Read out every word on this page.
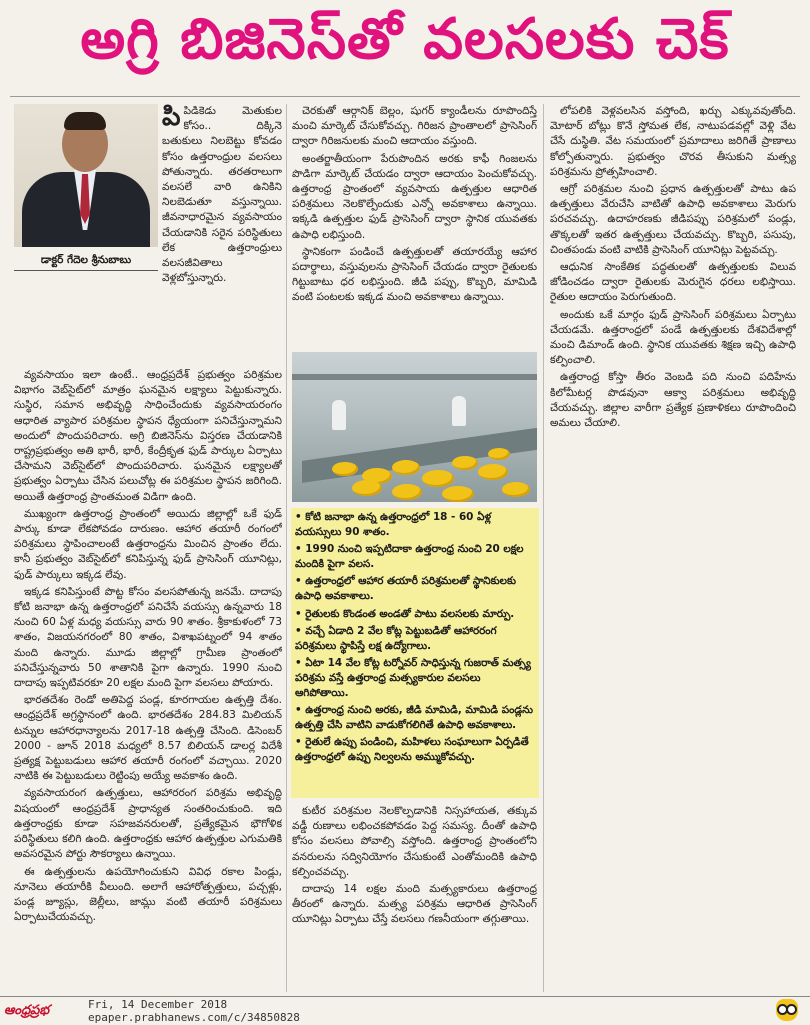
అగ్రి బిజినెస్‌తో వలసలకు చెక్
డాక్టర్ గేదెల శ్రీనుబాబు
పిపిడికెడు మెతుకుల కోసం.. దిక్కినె బతుకులు నిలబెట్టు కోవడం కోసం ఉత్తరాంధ్రుల వలసలు పోతున్నారు. తరతరాలుగా వలసలే వారి ఉనికిని నిలబెడుతూ వస్తున్నాయి. జీవనాధారమైన వ్యవసాయం చేయడానికి సరైన పరిస్థితులు లేక ఉత్తరాంధ్రులు వలసజీవితాలు వెళ్లబోస్తున్నారు.

వ్యవసాయం ఇలా ఉంటే.. ఆంధ్రప్రదేశ్ ప్రభుత్వం పరిశ్రమల విభాగం వెబ్‌సైట్‌లో మాత్రం ఘనమైన లక్ష్యాలు పెట్టుకున్నారు. సుస్థిర, సమాన అభివృద్ధి సాధించేందుకు వ్యవసాయరంగం ఆధారిత వ్యాపార పరిశ్రమల స్థాపన ధ్యేయంగా పనిచేస్తున్నామని అందులో పొందుపరిచారు. అగ్రి బిజినెస్‌ను విస్తరణ చేయడానికి రాష్ట్రప్రభుత్వం అతి భారీ, భారీ, కేంద్రీకృత ఫుడ్ పార్కుల ఏర్పాటు చేసామని వెబ్‌సైట్‌లో పొందుపరిచారు. ఘనమైన లక్ష్యాలతో ప్రభుత్వం ఏర్పాటు చేసిన పలుచోట్ల ఈ పరిశ్రమల స్థాపన జరిగింది. అయితే ఉత్తరాంధ్ర ప్రాంతమంత విడిగా ఉంది.

ముఖ్యంగా ఉత్తరాంధ్ర ప్రాంతంలో అయిదు జిల్లాల్లో ఒకే ఫుడ్ పార్కు కూడా లేకపోవడం దారుణం. ఆహార తయారీ రంగంలో పరిశ్రమలు స్థాపించాలంటే ఉత్తరాంధ్రను మించిన ప్రాంతం లేదు. కానీ ప్రభుత్వం వెబ్‌సైట్‌లో కనిపిస్తున్న ఫుడ్ ప్రాసెసింగ్ యూనిట్లు, ఫుడ్ పార్కులు ఇక్కడ లేవు.

ఇక్కడ కనిపిస్తుంటే పొట్ట కోసం వలసపోతున్న జనమే. దాదాపు కోటి జనాభా ఉన్న ఉత్తరాంధ్రలో పనిచేసే వయస్సు ఉన్నవారు 18 నుంచి 60 ఏళ్ల మధ్య వయస్సు వారు 90 శాతం. శ్రీకాకుళంలో 73 శాతం, విజయనగరంలో 80 శాతం, విశాఖపట్నంలో 94 శాతం మంది ఉన్నారు. మూడు జిల్లాల్లో గ్రామీణ ప్రాంతంలో పనిచేస్తున్నవారు 50 శాతానికి పైగా ఉన్నారు. 1990 నుంచి దాదాపు ఇప్పటివరకూ 20 లక్షల మంది పైగా వలసలు పోయారు.

భారతదేశం రెండో అతిపెద్ద పండ్ల, కూరగాయల ఉత్పత్తి దేశం. ఆంధ్రప్రదేశ్ అగ్రస్థానంలో ఉంది. భారతదేశం 284.83 మిలియన్ టన్నుల ఆహారధాన్యాలను 2017-18 ఉత్పత్తి చేసింది. డిసెంబర్ 2000 - జూన్ 2018 మధ్యలో 8.57 బిలియన్ డాలర్ల విదేశీ ప్రత్యక్ష పెట్టుబడులు ఆహార తయారీ రంగంలో వచ్చాయి. 2020 నాటికి ఈ పెట్టుబడులు రెట్టింపు అయ్యే అవకాశం ఉంది.

వ్యవసాయరంగ ఉత్పత్తులు, ఆహారరంగ పరిశ్రమ అభివృద్ధి విషయంలో ఆంధ్రప్రదేశ్ ప్రాధాన్యత సంతరించుకుంది. ఇది ఉత్తరాంధ్రకు కూడా సహజవనరులతో, ప్రత్యేకమైన భౌగోళిక పరిస్థితులు కలిగి ఉంది. ఉత్తరాంధ్రకు ఆహార ఉత్పత్తుల ఎగుమతికి అవసరమైన పోర్టు సౌకర్యాలు ఉన్నాయి.

ఈ ఉత్పత్తులను ఉపయోగించుకుని వివిధ రకాల పిండ్లు, నూనెలు తయారీకి వీలుంది. అలాగే ఆహారోత్పత్తులు, పచ్చళ్లు, పండ్ల జ్యూస్లు, జెల్లీలు, జామ్లు వంటి తయారీ పరిశ్రమలు ఏర్పాటుచేయవచ్చు.

చెరకుతో ఆర్గానిక్ బెల్లం, షుగర్ క్యాండీలను రూపొందిస్తే మంచి మార్కెట్ చేసుకోవచ్చు. గిరిజన ప్రాంతాలలో ప్రాసెసింగ్ ద్వారా గిరిజనులకు మంచి ఆదాయం వస్తుంది.

అంతర్జాతీయంగా పేరుపొందిన అరకు కాఫీ గింజలను పొడిగా మార్కెట్ చేయడం ద్వారా ఆదాయం పెంచుకోవచ్చు. ఉత్తరాంధ్ర ప్రాంతంలో వ్యవసాయ ఉత్పత్తుల ఆధారిత పరిశ్రమలు నెలకొల్పేందుకు ఎన్నో అవకాశాలు ఉన్నాయి. ఇక్కడి ఉత్పత్తుల ఫుడ్ ప్రాసెసింగ్ ద్వారా స్థానిక యువతకు ఉపాధి లభిస్తుంది.

స్థానికంగా పండించే ఉత్పత్తులతో తయారయ్యే ఆహార పదార్థాలు, వస్తువులను ప్రాసెసింగ్ చేయడం ద్వారా రైతులకు గిట్టుబాటు ధర లభిస్తుంది. జీడి పప్పు, కొబ్బరి, మామిడి వంటి పంటలకు ఇక్కడ మంచి అవకాశాలు ఉన్నాయి.

• కోటి జనాభా ఉన్న ఉత్తరాంధ్రలో 18 - 60 ఏళ్ల వయస్సులు 90 శాతం.
• 1990 నుంచి ఇప్పటిదాకా ఉత్తరాంధ్ర నుంచి 20 లక్షల మందికి పైగా వలస.
• ఉత్తరాంధ్రలో ఆహార తయారీ పరిశ్రమలతో స్థానికులకు ఉపాధి అవకాశాలు.
• రైతులకు కొండంత అండతో పాటు వలసలకు మార్పు.
• వచ్చే ఏడాది 2 వేల కోట్ల పెట్టుబడితో ఆహారరంగ పరిశ్రమలు స్థాపిస్తే లక్ష ఉద్యోగాలు.
• ఏటా 14 వేల కోట్ల టర్నోవర్ సాధిస్తున్న గుజరాత్ మత్స్య పరిశ్రమ వస్తే ఉత్తరాంధ్ర మత్స్యకారుల వలసలు ఆగిపోతాయి.
• ఉత్తరాంధ్ర నుంచి అరకు, జీడి మామిడి, మామిడి పండ్లను ఉత్పత్తి చేసి వాటిని వాడుకోగలిగితే ఉపాధి అవకాశాలు.
• రైతులే ఉప్పు పండించి, మహిళలు సంఘాలుగా ఏర్పడితే ఉత్తరాంధ్రలో ఉప్పు నిల్వలను అమ్ముకోవచ్చు.

కుటీర పరిశ్రమల నెలకొల్పడానికి నిస్సహాయత, తక్కువ వడ్డీ రుణాలు లభించకపోవడం పెద్ద సమస్య. దీంతో ఉపాధి కోసం వలసలు పోవాల్సి వస్తోంది. ఉత్తరాంధ్ర ప్రాంతంలోని వనరులను సద్వినియోగం చేసుకుంటే ఎంతోమందికి ఉపాధి కల్పించవచ్చు.

దాదాపు 14 లక్షల మంది మత్స్యకారులు ఉత్తరాంధ్ర తీరంలో ఉన్నారు. మత్స్య పరిశ్రమ ఆధారిత ప్రాసెసింగ్ యూనిట్లు ఏర్పాటు చేస్తే వలసలు గణనీయంగా తగ్గుతాయి.

లోపలికి వెళ్లవలసిన వస్తోంది, ఖర్చు ఎక్కువవుతోంది. మోటార్ బోట్లు కొనే స్తోమత లేక, నాటుపడవల్లో వెళ్లి వేట చేసే దుస్థితి. వేట సమయంలో ప్రమాదాలు జరిగితే ప్రాణాలు కోల్పోతున్నారు. ప్రభుత్వం చొరవ తీసుకుని మత్స్య పరిశ్రమను ప్రోత్సహించాలి.

ఆగ్రో పరిశ్రమల నుంచి ప్రధాన ఉత్పత్తులతో పాటు ఉప ఉత్పత్తులు వేరుచేసి వాటితో ఉపాధి అవకాశాలు మెరుగు పరచవచ్చు. ఉదాహరణకు జీడిపప్పు పరిశ్రమలో పండ్లు, తొక్కలతో ఇతర ఉత్పత్తులు చేయవచ్చు. కొబ్బరి, పసుపు, చింతపండు వంటి వాటికి ప్రాసెసింగ్ యూనిట్లు పెట్టవచ్చు.

ఆధునిక సాంకేతిక పద్ధతులతో ఉత్పత్తులకు విలువ జోడించడం ద్వారా రైతులకు మెరుగైన ధరలు లభిస్తాయి. రైతుల ఆదాయం పెరుగుతుంది.

అందుకు ఒకే మార్గం ఫుడ్ ప్రాసెసింగ్ పరిశ్రమలు ఏర్పాటు చేయడమే. ఉత్తరాంధ్రలో పండే ఉత్పత్తులకు దేశవిదేశాల్లో మంచి డిమాండ్ ఉంది. స్థానిక యువతకు శిక్షణ ఇచ్చి ఉపాధి కల్పించాలి.

ఉత్తరాంధ్ర కోస్తా తీరం వెంబడి పది నుంచి పదిహేను కిలోమీటర్ల పొడవునా ఆక్వా పరిశ్రమలు అభివృద్ధి చేయవచ్చు. జిల్లాల వారీగా ప్రత్యేక ప్రణాళికలు రూపొందించి అమలు చేయాలి.

ఆంధ్రప్రభ	Fri, 14 December 2018
epaper.prabhanews.com/c/34850828
